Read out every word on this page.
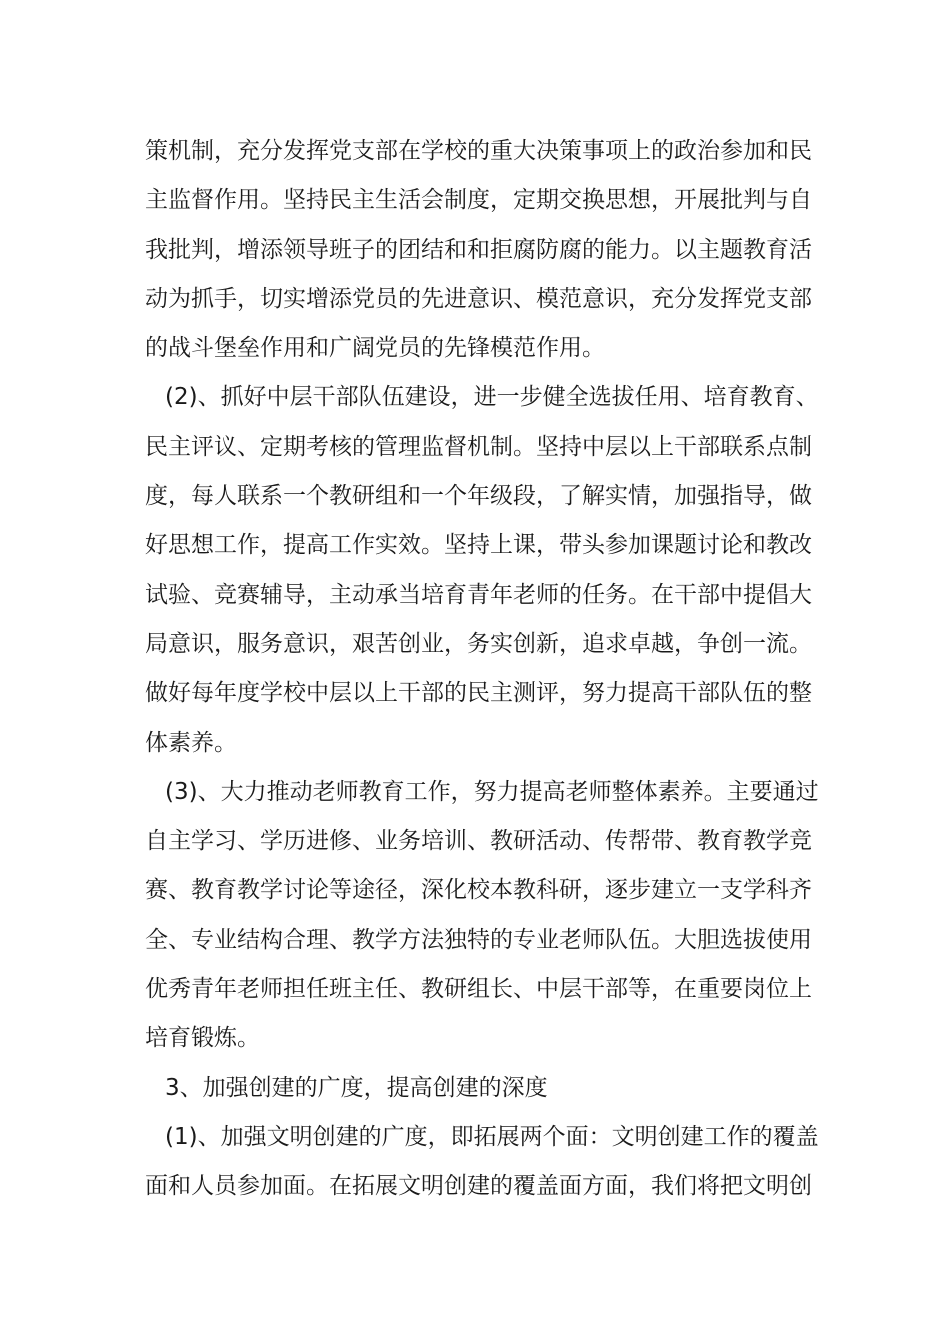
策机制，充分发挥党支部在学校的重大决策事项上的政治参加和民
主监督作用。坚持民主生活会制度，定期交换思想，开展批判与自
我批判，增添领导班子的团结和和拒腐防腐的能力。以主题教育活
动为抓手，切实增添党员的先进意识、模范意识，充分发挥党支部
的战斗堡垒作用和广阔党员的先锋模范作用。
(2)、抓好中层干部队伍建设，进一步健全选拔任用、培育教育、
民主评议、定期考核的管理监督机制。坚持中层以上干部联系点制
度，每人联系一个教研组和一个年级段，了解实情，加强指导，做
好思想工作，提高工作实效。坚持上课，带头参加课题讨论和教改
试验、竞赛辅导，主动承当培育青年老师的任务。在干部中提倡大
局意识，服务意识，艰苦创业，务实创新，追求卓越，争创一流。
做好每年度学校中层以上干部的民主测评，努力提高干部队伍的整
体素养。
(3)、大力推动老师教育工作，努力提高老师整体素养。主要通过
自主学习、学历进修、业务培训、教研活动、传帮带、教育教学竞
赛、教育教学讨论等途径，深化校本教科研，逐步建立一支学科齐
全、专业结构合理、教学方法独特的专业老师队伍。大胆选拔使用
优秀青年老师担任班主任、教研组长、中层干部等，在重要岗位上
培育锻炼。
3、加强创建的广度，提高创建的深度
(1)、加强文明创建的广度，即拓展两个面：文明创建工作的覆盖
面和人员参加面。在拓展文明创建的覆盖面方面，我们将把文明创
